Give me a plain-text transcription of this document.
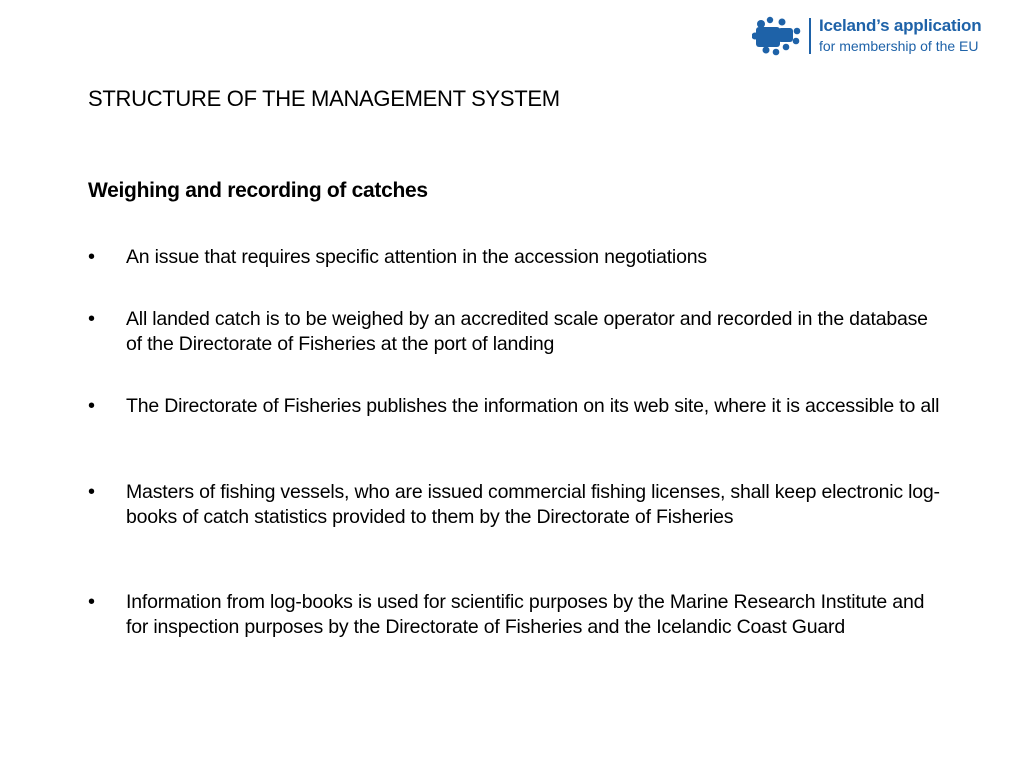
Iceland’s application
for membership of the EU
STRUCTURE OF THE MANAGEMENT SYSTEM
Weighing and recording of catches
• An issue that requires specific attention in the accession negotiations
• All landed catch is to be weighed by an accredited scale operator and recorded in the database of the Directorate of Fisheries at the port of landing
• The Directorate of Fisheries publishes the information on its web site, where it is accessible to all
• Masters of fishing vessels, who are issued commercial fishing licenses, shall keep electronic log-books of catch statistics provided to them by the Directorate of Fisheries
• Information from log-books is used for scientific purposes by the Marine Research Institute and for inspection purposes by the Directorate of Fisheries and the Icelandic Coast Guard
